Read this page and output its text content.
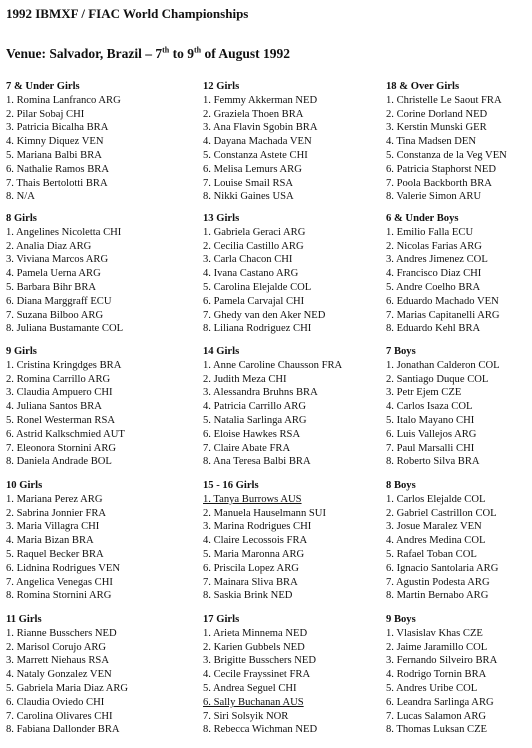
1992 IBMXF / FIAC World Championships
Venue: Salvador, Brazil – 7th to 9th of August 1992
7 & Under Girls
1. Romina Lanfranco ARG
2. Pilar Sobaj CHI
3. Patricia Bicalha BRA
4. Kimny Diquez VEN
5. Mariana Balbi BRA
6. Nathalie Ramos BRA
7. Thais Bertolotti BRA
8. N/A
12 Girls
1. Femmy Akkerman NED
2. Graziela Thoen BRA
3. Ana Flavin Sgobin BRA
4. Dayana Machada VEN
5. Constanza Astete CHI
6. Melisa Lemurs ARG
7. Louise Smail RSA
8. Nikki Gaines USA
18 & Over Girls
1. Christelle Le Saout FRA
2. Corine Dorland NED
3. Kerstin Munski GER
4. Tina Madsen DEN
5. Constanza de la Veg VEN
6. Patricia Staphorst NED
7. Poola Backborth BRA
8. Valerie Simon ARU
8 Girls
1. Angelines Nicoletta CHI
2. Analia Diaz ARG
3. Viviana Marcos ARG
4. Pamela Uerna ARG
5. Barbara Bihr BRA
6. Diana Marggraff ECU
7. Suzana Bilboo ARG
8. Juliana Bustamante COL
13 Girls
1. Gabriela Geraci ARG
2. Cecilia Castillo ARG
3. Carla Chacon CHI
4. Ivana Castano ARG
5. Carolina Elejalde COL
6. Pamela Carvajal CHI
7. Ghedy van den Aker NED
8. Liliana Rodriguez CHI
6 & Under Boys
1. Emilio Falla ECU
2. Nicolas Farias ARG
3. Andres Jimenez COL
4. Francisco Diaz CHI
5. Andre Coelho BRA
6. Eduardo Machado VEN
7. Marias Capitanelli ARG
8. Eduardo Kehl BRA
9 Girls
1. Cristina Kringdges BRA
2. Romina Carrillo ARG
3. Claudia Ampuero CHI
4. Juliana Santos BRA
5. Ronel Westerman RSA
6. Astrid Kalkschmied AUT
7. Eleonora Stornini ARG
8. Daniela Andrade BOL
14 Girls
1. Anne Caroline Chausson FRA
2. Judith Meza CHI
3. Alessandra Bruhns BRA
4. Patricia Carrillo ARG
5. Natalia Sarlinga ARG
6. Eloise Hawkes RSA
7. Claire Abate FRA
8. Ana Teresa Balbi BRA
7 Boys
1. Jonathan Calderon COL
2. Santiago Duque COL
3. Petr Ejem CZE
4. Carlos Isaza COL
5. Italo Mayano CHI
6. Luis Vallejos ARG
7. Paul Marsalli CHI
8. Roberto Silva BRA
10 Girls
1. Mariana Perez ARG
2. Sabrina Jonnier FRA
3. Maria Villagra CHI
4. Maria Bizan BRA
5. Raquel Becker BRA
6. Lidnina Rodrigues VEN
7. Angelica Venegas CHI
8. Romina Stornini ARG
15 - 16 Girls
1. Tanya Burrows AUS
2. Manuela Hauselmann SUI
3. Marina Rodrigues CHI
4. Claire Lecossois FRA
5. Maria Maronna ARG
6. Priscila Lopez ARG
7. Mainara Sliva BRA
8. Saskia Brink NED
8 Boys
1. Carlos Elejalde COL
2. Gabriel Castrillon COL
3. Josue Maralez VEN
4. Andres Medina COL
5. Rafael Toban COL
6. Ignacio Santolaria ARG
7. Agustin Podesta ARG
8. Martin Bernabo ARG
11 Girls
1. Rianne Busschers NED
2. Marisol Corujo ARG
3. Marrett Niehaus RSA
4. Nataly Gonzalez VEN
5. Gabriela Maria Diaz ARG
6. Claudia Oviedo CHI
7. Carolina Olivares CHI
8. Fabiana Dallonder BRA
17 Girls
1. Arieta Minnema NED
2. Karien Gubbels NED
3. Brigitte Busschers NED
4. Cecile Frayssinet FRA
5. Andrea Seguel CHI
6. Sally Buchanan AUS
7. Siri Solsyik NOR
8. Rebecca Wichman NED
9 Boys
1. Vlasislav Khas CZE
2. Jaime Jaramillo COL
3. Fernando Silveiro BRA
4. Rodrigo Tornin BRA
5. Andres Uribe COL
6. Leandra Sarlinga ARG
7. Lucas Salamon ARG
8. Thomas Luksan CZE
